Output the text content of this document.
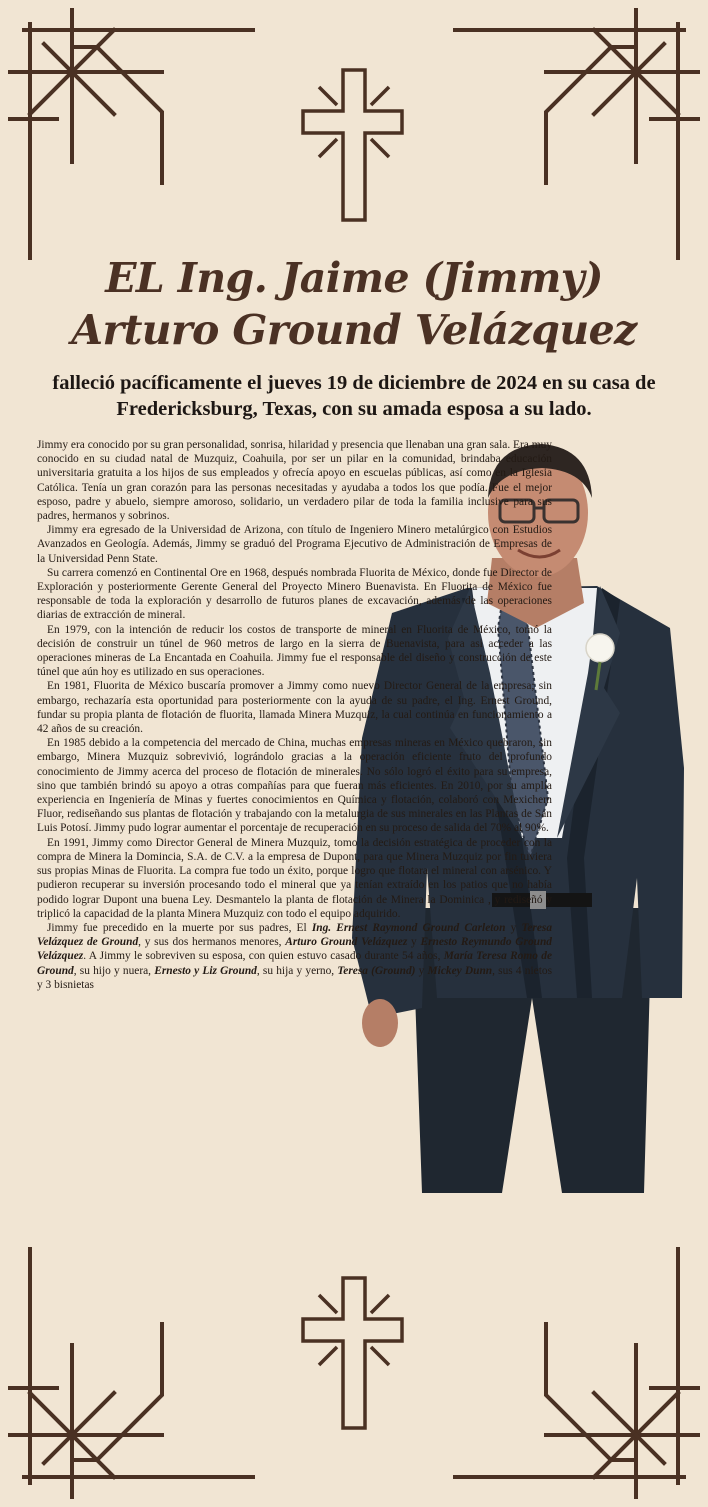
EL Ing. Jaime (Jimmy)
Arturo Ground Velázquez

falleció pacíficamente el jueves 19 de diciembre de 2024 en su casa de Fredericksburg, Texas, con su amada esposa a su lado.

Jimmy era conocido por su gran personalidad, sonrisa, hilaridad y presencia que llenaban una gran sala. Era muy conocido en su ciudad natal de Muzquiz, Coahuila, por ser un pilar en la comunidad, brindaba educación universitaria gratuita a los hijos de sus empleados y ofrecía apoyo en escuelas públicas, así como en la Iglesia Católica. Tenía un gran corazón para las personas necesitadas y ayudaba a todos los que podía. Fue el mejor esposo, padre y abuelo, siempre amoroso, solidario, un verdadero pilar de toda la familia inclusive para sus padres, hermanos y sobrinos.

Jimmy era egresado de la Universidad de Arizona, con título de Ingeniero Minero metalúrgico con Estudios Avanzados en Geología. Además, Jimmy se graduó del Programa Ejecutivo de Administración de Empresas de la Universidad Penn State.

Su carrera comenzó en Continental Ore en 1968, después nombrada Fluorita de México, donde fue Director de Exploración y posteriormente Gerente General del Proyecto Minero Buenavista. En Fluorita de México fue responsable de toda la exploración y desarrollo de futuros planes de excavación, además de las operaciones diarias de extracción de mineral.

En 1979, con la intención de reducir los costos de transporte de mineral en Fluorita de México, tomó la decisión de construir un túnel de 960 metros de largo en la sierra de Buenavista, para asi acceder a las operaciones mineras de La Encantada en Coahuila. Jimmy fue el responsable del diseño y construcción de este túnel que aún hoy es utilizado en sus operaciones.

En 1981, Fluorita de México buscaría promover a Jimmy como nuevo Director General de la empresa; sin embargo, rechazaría esta oportunidad para posteriormente con la ayuda de su padre, el Ing. Ernest Ground, fundar su propia planta de flotación de fluorita, llamada Minera Muzquiz, la cual continúa en funcionamiento a 42 años de su creación.

En 1985 debido a la competencia del mercado de China, muchas empresas mineras en México quebraron, sin embargo, Minera Muzquiz sobrevivió, lográndolo gracias a la operación eficiente fruto del profundo conocimiento de Jimmy acerca del proceso de flotación de minerales. No sólo logró el éxito para su empresa, sino que también brindó su apoyo a otras compañías para que fueran más eficientes. En 2010, por su amplia experiencia en Ingeniería de Minas y fuertes conocimientos en Química y flotación, colaboró con Mexichem Fluor, rediseñando sus plantas de flotación y trabajando con la metalurgia de sus minerales en las Plantas de San Luis Potosí. Jimmy pudo lograr aumentar el porcentaje de recuperación en su proceso de salida del 70% al 90%.

En 1991, Jimmy como Director General de Minera Muzquiz, tomo la decisión estratégica de proceder con la compra de Minera la Domincia, S.A. de C.V. a la empresa de Dupont, para que Minera Muzquiz por fin tuviera sus propias Minas de Fluorita. La compra fue todo un éxito, porque logro que flotara el mineral con arsénico. Y pudieron recuperar su inversión procesando todo el mineral que ya tenían extraído en los patios que no había podido lograr Dupont una buena Ley. Desmantelo la planta de flotación de Minera la Dominica , y rediseñó y triplicó la capacidad de la planta Minera Muzquiz con todo el equipo adquirido.

Jimmy fue precedido en la muerte por sus padres, El Ing. Ernest Raymond Ground Carleton y Teresa Velázquez de Ground, y sus dos hermanos menores, Arturo Ground Velázquez y Ernesto Reymundo Ground Velázquez. A Jimmy le sobreviven su esposa, con quien estuvo casado durante 54 años, María Teresa Romo de Ground, su hijo y nuera, Ernesto y Liz Ground, su hija y yerno, Teresa (Ground) y Mickey Dunn, sus 4 nietos y 3 bisnietas
